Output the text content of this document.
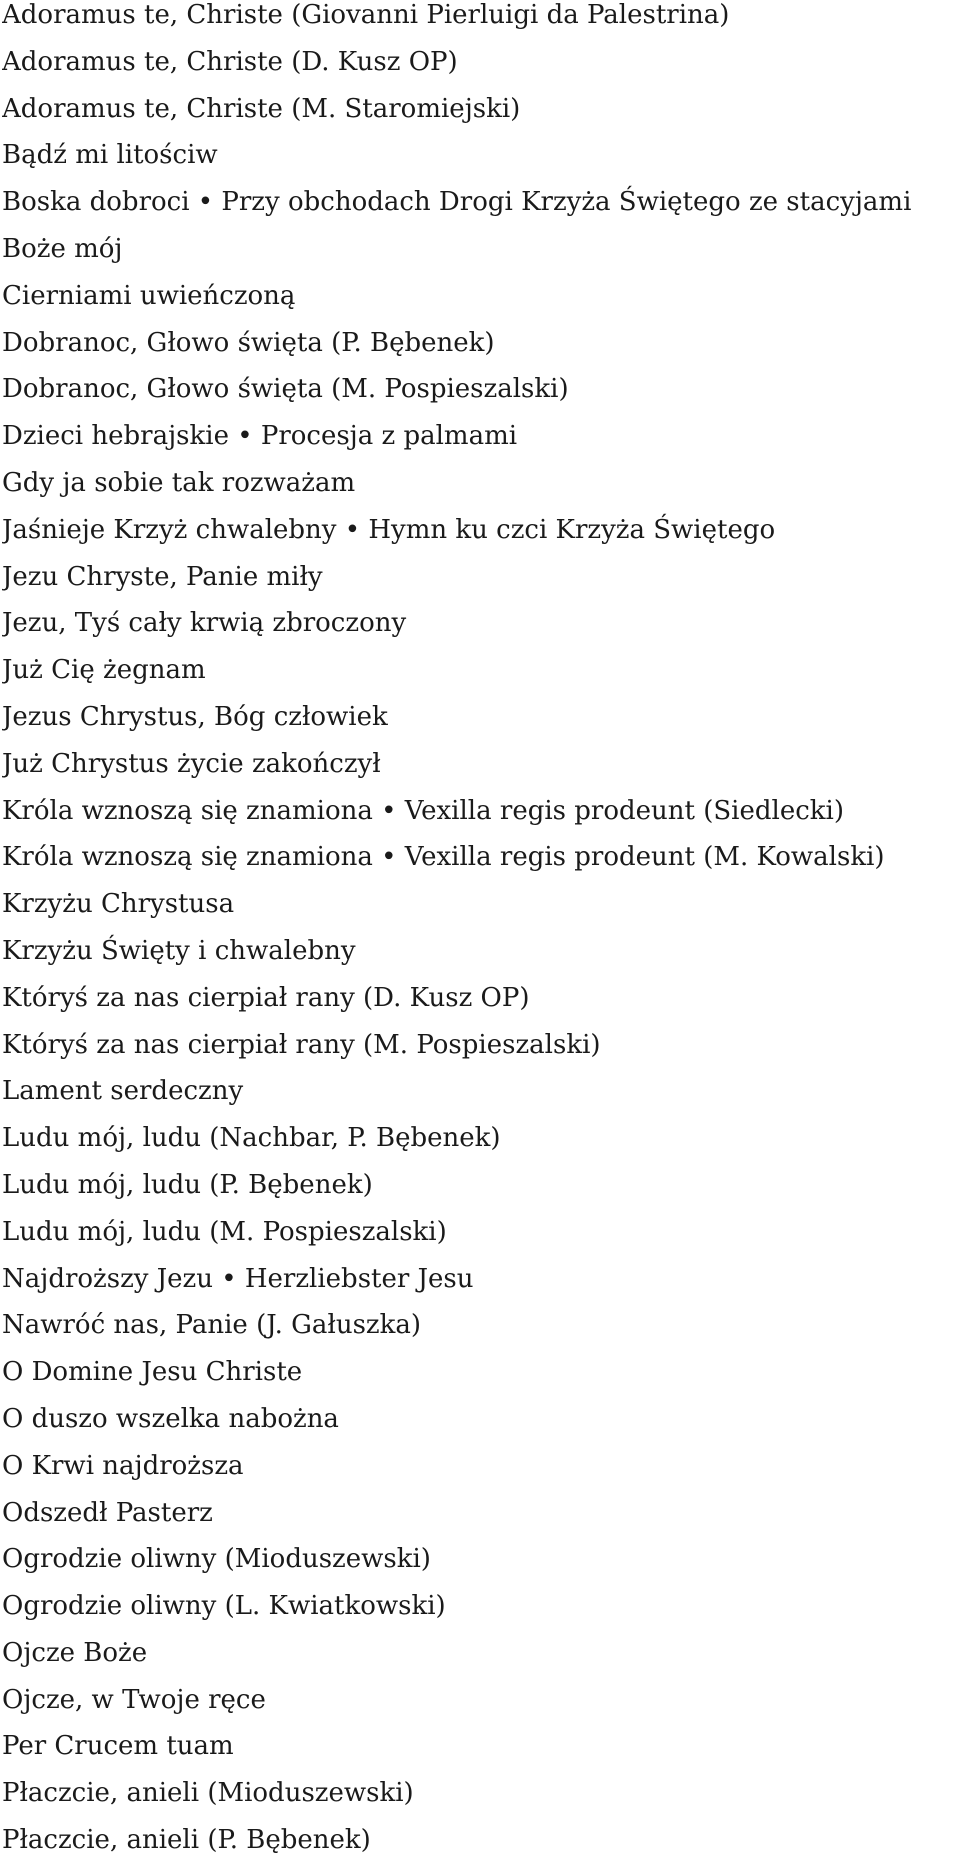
Adoramus te, Christe (Giovanni Pierluigi da Palestrina)
Adoramus te, Christe (D. Kusz OP)
Adoramus te, Christe (M. Staromiejski)
Bądź mi litościw
Boska dobroci • Przy obchodach Drogi Krzyża Świętego ze stacyjami
Boże mój
Cierniami uwieńczoną
Dobranoc, Głowo święta (P. Bębenek)
Dobranoc, Głowo święta (M. Pospieszalski)
Dzieci hebrajskie • Procesja z palmami
Gdy ja sobie tak rozważam
Jaśnieje Krzyż chwalebny • Hymn ku czci Krzyża Świętego
Jezu Chryste, Panie miły
Jezu, Tyś cały krwią zbroczony
Już Cię żegnam
Jezus Chrystus, Bóg człowiek
Już Chrystus życie zakończył
Króla wznoszą się znamiona • Vexilla regis prodeunt (Siedlecki)
Króla wznoszą się znamiona • Vexilla regis prodeunt (M. Kowalski)
Krzyżu Chrystusa
Krzyżu Święty i chwalebny
Któryś za nas cierpiał rany (D. Kusz OP)
Któryś za nas cierpiał rany (M. Pospieszalski)
Lament serdeczny
Ludu mój, ludu (Nachbar, P. Bębenek)
Ludu mój, ludu (P. Bębenek)
Ludu mój, ludu (M. Pospieszalski)
Najdroższy Jezu • Herzliebster Jesu
Nawróć nas, Panie (J. Gałuszka)
O Domine Jesu Christe
O duszo wszelka nabożna
O Krwi najdroższa
Odszedł Pasterz
Ogrodzie oliwny (Mioduszewski)
Ogrodzie oliwny (L. Kwiatkowski)
Ojcze Boże
Ojcze, w Twoje ręce
Per Crucem tuam
Płaczcie, anieli (Mioduszewski)
Płaczcie, anieli (P. Bębenek)
